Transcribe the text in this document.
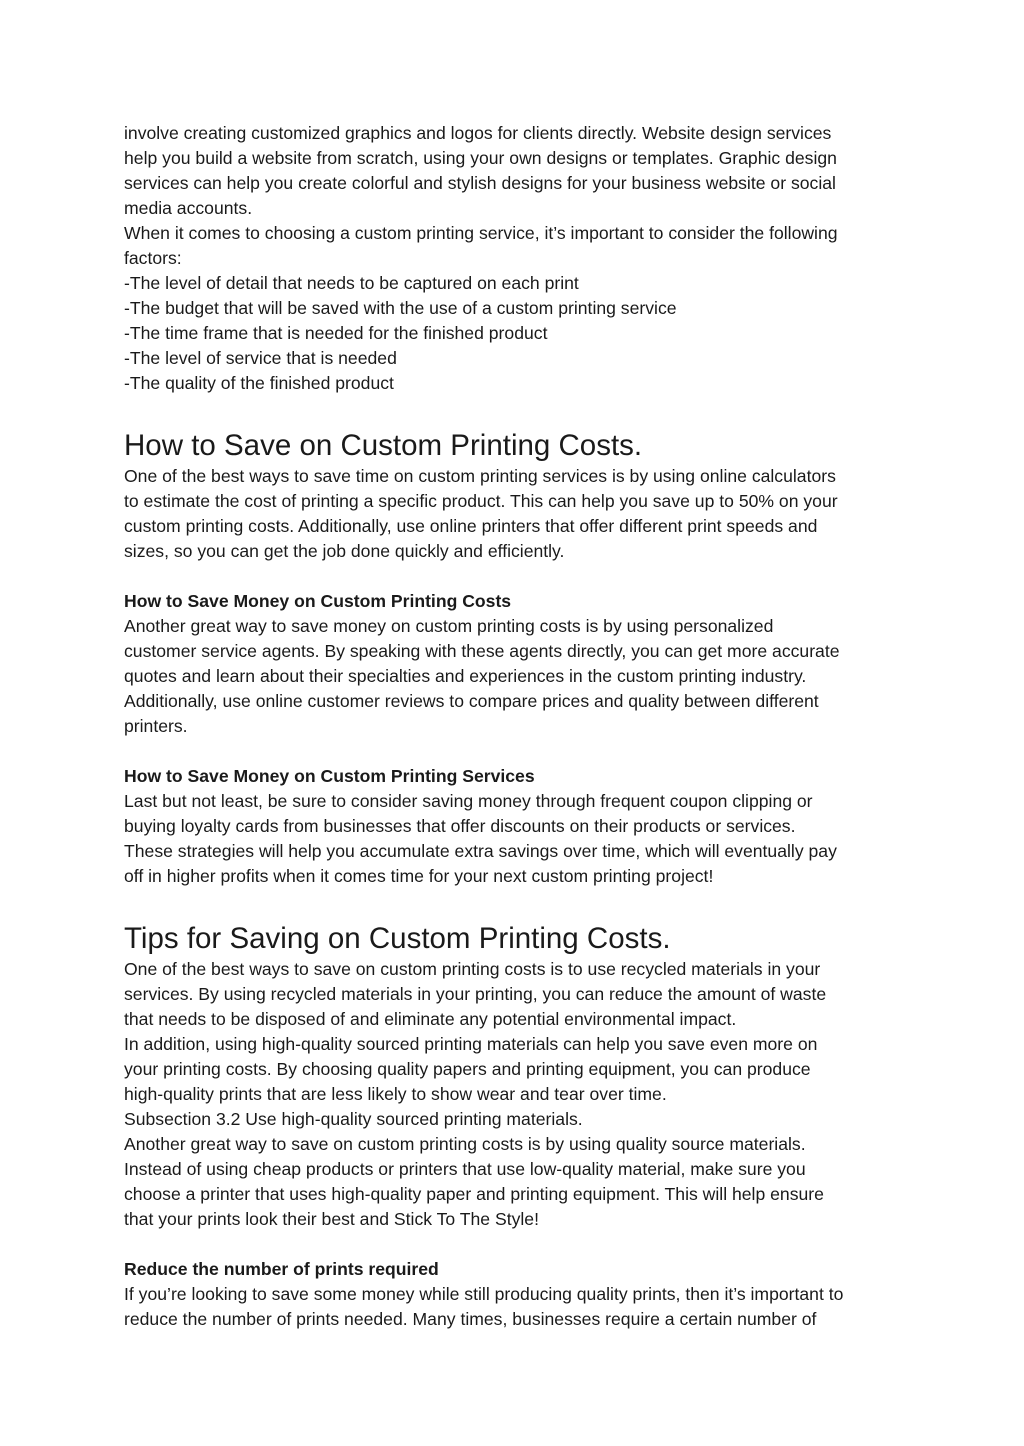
involve creating customized graphics and logos for clients directly. Website design services
help you build a website from scratch, using your own designs or templates. Graphic design
services can help you create colorful and stylish designs for your business website or social
media accounts.
When it comes to choosing a custom printing service, it’s important to consider the following
factors:
-The level of detail that needs to be captured on each print
-The budget that will be saved with the use of a custom printing service
-The time frame that is needed for the finished product
-The level of service that is needed
-The quality of the finished product
How to Save on Custom Printing Costs.
One of the best ways to save time on custom printing services is by using online calculators
to estimate the cost of printing a specific product. This can help you save up to 50% on your
custom printing costs. Additionally, use online printers that offer different print speeds and
sizes, so you can get the job done quickly and efficiently.
How to Save Money on Custom Printing Costs
Another great way to save money on custom printing costs is by using personalized
customer service agents. By speaking with these agents directly, you can get more accurate
quotes and learn about their specialties and experiences in the custom printing industry.
Additionally, use online customer reviews to compare prices and quality between different
printers.
How to Save Money on Custom Printing Services
Last but not least, be sure to consider saving money through frequent coupon clipping or
buying loyalty cards from businesses that offer discounts on their products or services.
These strategies will help you accumulate extra savings over time, which will eventually pay
off in higher profits when it comes time for your next custom printing project!
Tips for Saving on Custom Printing Costs.
One of the best ways to save on custom printing costs is to use recycled materials in your
services. By using recycled materials in your printing, you can reduce the amount of waste
that needs to be disposed of and eliminate any potential environmental impact.
In addition, using high-quality sourced printing materials can help you save even more on
your printing costs. By choosing quality papers and printing equipment, you can produce
high-quality prints that are less likely to show wear and tear over time.
Subsection 3.2 Use high-quality sourced printing materials.
Another great way to save on custom printing costs is by using quality source materials.
Instead of using cheap products or printers that use low-quality material, make sure you
choose a printer that uses high-quality paper and printing equipment. This will help ensure
that your prints look their best and Stick To The Style!
Reduce the number of prints required
If you’re looking to save some money while still producing quality prints, then it’s important to
reduce the number of prints needed. Many times, businesses require a certain number of
